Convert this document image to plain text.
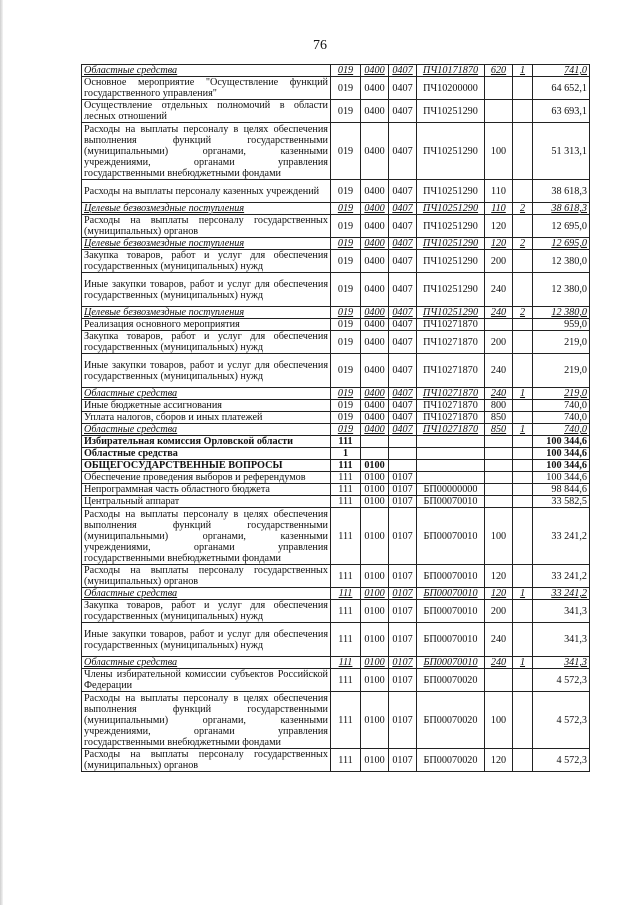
76
Областные средства	019	0400	0407	ПЧ10171870	620	1	741,0
Основное мероприятие "Осуществление функций государственного управления"	019	0400	0407	ПЧ10200000			64 652,1
Осуществление отдельных полномочий в области лесных отношений	019	0400	0407	ПЧ10251290			63 693,1
Расходы на выплаты персоналу в целях обеспечения выполнения функций государственными (муниципальными) органами, казенными учреждениями, органами управления государственными внебюджетными фондами	019	0400	0407	ПЧ10251290	100		51 313,1
Расходы на выплаты персоналу казенных учреждений	019	0400	0407	ПЧ10251290	110		38 618,3
Целевые безвозмездные поступления	019	0400	0407	ПЧ10251290	110	2	38 618,3
Расходы на выплаты персоналу государственных (муниципальных) органов	019	0400	0407	ПЧ10251290	120		12 695,0
Целевые безвозмездные поступления	019	0400	0407	ПЧ10251290	120	2	12 695,0
Закупка товаров, работ и услуг для обеспечения государственных (муниципальных) нужд	019	0400	0407	ПЧ10251290	200		12 380,0
Иные закупки товаров, работ и услуг для обеспечения государственных (муниципальных) нужд	019	0400	0407	ПЧ10251290	240		12 380,0
Целевые безвозмездные поступления	019	0400	0407	ПЧ10251290	240	2	12 380,0
Реализация основного мероприятия	019	0400	0407	ПЧ10271870			959,0
Закупка товаров, работ и услуг для обеспечения государственных (муниципальных) нужд	019	0400	0407	ПЧ10271870	200		219,0
Иные закупки товаров, работ и услуг для обеспечения государственных (муниципальных) нужд	019	0400	0407	ПЧ10271870	240		219,0
Областные средства	019	0400	0407	ПЧ10271870	240	1	219,0
Иные бюджетные ассигнования	019	0400	0407	ПЧ10271870	800		740,0
Уплата налогов, сборов и иных платежей	019	0400	0407	ПЧ10271870	850		740,0
Областные средства	019	0400	0407	ПЧ10271870	850	1	740,0
Избирательная комиссия Орловской области	111						100 344,6
Областные средства	1						100 344,6
ОБЩЕГОСУДАРСТВЕННЫЕ ВОПРОСЫ	111	0100					100 344,6
Обеспечение проведения выборов и референдумов	111	0100	0107				100 344,6
Непрограммная часть областного бюджета	111	0100	0107	БП00000000			98 844,6
Центральный аппарат	111	0100	0107	БП00070010			33 582,5
Расходы на выплаты персоналу в целях обеспечения выполнения функций государственными (муниципальными) органами, казенными учреждениями, органами управления государственными внебюджетными фондами	111	0100	0107	БП00070010	100		33 241,2
Расходы на выплаты персоналу государственных (муниципальных) органов	111	0100	0107	БП00070010	120		33 241,2
Областные средства	111	0100	0107	БП00070010	120	1	33 241,2
Закупка товаров, работ и услуг для обеспечения государственных (муниципальных) нужд	111	0100	0107	БП00070010	200		341,3
Иные закупки товаров, работ и услуг для обеспечения государственных (муниципальных) нужд	111	0100	0107	БП00070010	240		341,3
Областные средства	111	0100	0107	БП00070010	240	1	341,3
Члены избирательной комиссии субъектов Российской Федерации	111	0100	0107	БП00070020			4 572,3
Расходы на выплаты персоналу в целях обеспечения выполнения функций государственными (муниципальными) органами, казенными учреждениями, органами управления государственными внебюджетными фондами	111	0100	0107	БП00070020	100		4 572,3
Расходы на выплаты персоналу государственных (муниципальных) органов	111	0100	0107	БП00070020	120		4 572,3
